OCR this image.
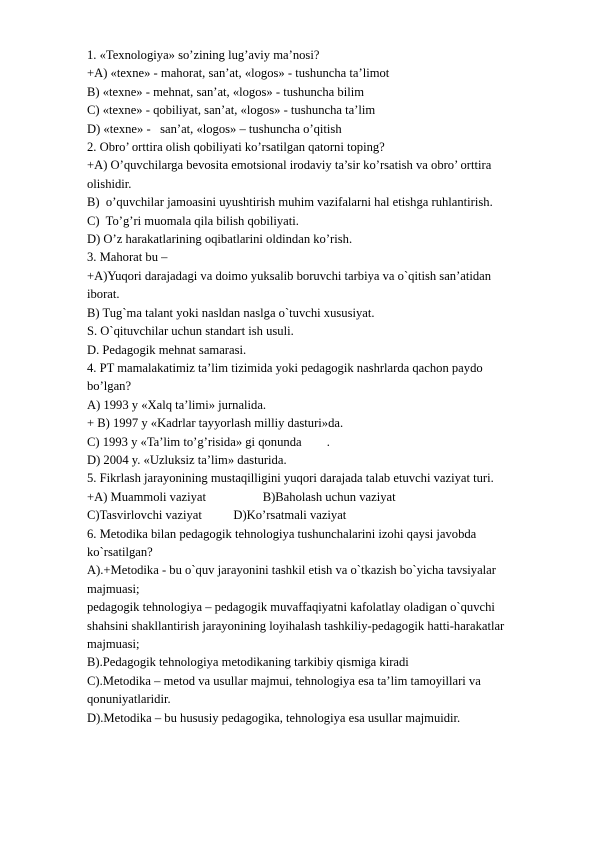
1. «Texnologiya» so’zining lug’aviy ma’nosi?

+A) «texne» - mahorat, san’at, «logos» - tushuncha ta’limot

B) «texne» - mehnat, san’at, «logos» - tushuncha bilim

C) «texne» - qobiliyat, san’at, «logos» - tushuncha ta’lim

D) «texne» -   san’at, «logos» – tushuncha o’qitish

2. Obro’ orttira olish qobiliyati ko’rsatilgan qatorni toping?

+A) O’quvchilarga bevosita emotsional irodaviy ta’sir ko’rsatish va obro’ orttira

olishidir.

B)  o’quvchilar jamoasini uyushtirish muhim vazifalarni hal etishga ruhlantirish.

C)  To’g’ri muomala qila bilish qobiliyati.

D) O’z harakatlarining oqibatlarini oldindan ko’rish.

3. Mahorat bu –

+A)Yuqori darajadagi va doimo yuksalib boruvchi tarbiya va o`qitish san’atidan

iborat.

B) Tug`ma talant yoki nasldan naslga o`tuvchi xususiyat.

S. O`qituvchilar uchun standart ish usuli.

D. Pedagogik mehnat samarasi.

4. PT mamalakatimiz ta’lim tizimida yoki pedagogik nashrlarda qachon paydo

bo’lgan?

A) 1993 y «Xalq ta’limi» jurnalida.

+ B) 1997 y «Kadrlar tayyorlash milliy dasturi»da.

C) 1993 y «Ta’lim to’g’risida» gi qonunda        .

D) 2004 y. «Uzluksiz ta’lim» dasturida.

5. Fikrlash jarayonining mustaqilligini yuqori darajada talab etuvchi vaziyat turi.

+A) Muammoli vaziyat                  B)Baholash uchun vaziyat

C)Tasvirlovchi vaziyat          D)Ko’rsatmali vaziyat

6. Metodika bilan pedagogik tehnologiya tushunchalarini izohi qaysi javobda

ko`rsatilgan?

A).+Metodika - bu o`quv jarayonini tashkil etish va o`tkazish bo`yicha tavsiyalar

majmuasi;

pedagogik tehnologiya – pedagogik muvaffaqiyatni kafolatlay oladigan o`quvchi

shahsini shakllantirish jarayonining loyihalash tashkiliy-pedagogik hatti-harakatlar

majmuasi;

B).Pedagogik tehnologiya metodikaning tarkibiy qismiga kiradi

C).Metodika – metod va usullar majmui, tehnologiya esa ta’lim tamoyillari va

qonuniyatlaridir.

D).Metodika – bu hususiy pedagogika, tehnologiya esa usullar majmuidir.
